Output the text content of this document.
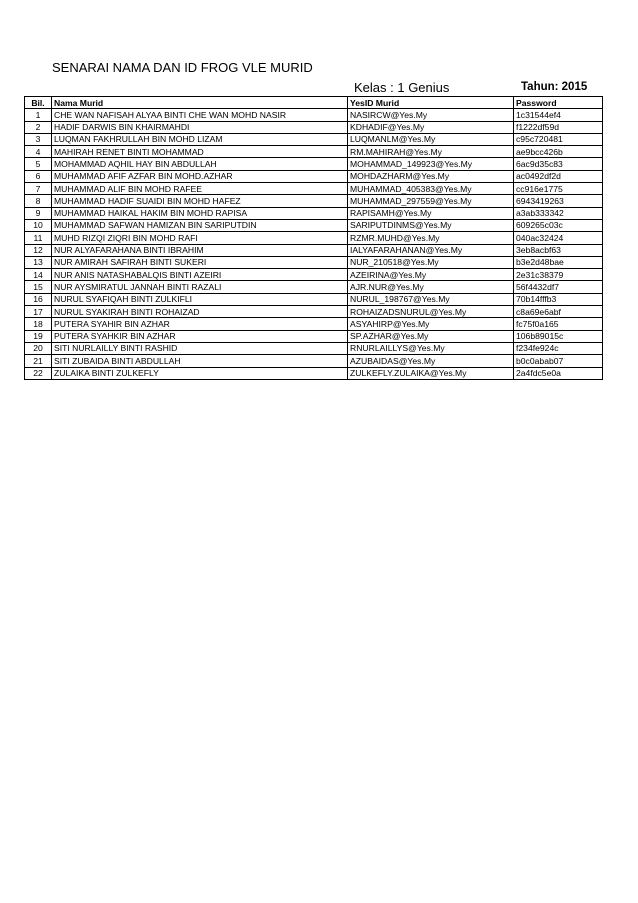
SENARAI NAMA DAN ID FROG VLE MURID
Kelas : 1 Genius	Tahun: 2015
Bil.	Nama Murid	YesID Murid	Password
1	CHE WAN NAFISAH ALYAA BINTI CHE WAN MOHD NASIR	NASIRCW@Yes.My	1c31544ef4
2	HADIF DARWIS BIN KHAIRMAHDI	KDHADIF@Yes.My	f1222df59d
3	LUQMAN FAKHRULLAH BIN MOHD LIZAM	LUQMANLM@Yes.My	c95c720481
4	MAHIRAH RENET BINTI MOHAMMAD	RM.MAHIRAH@Yes.My	ae9bcc426b
5	MOHAMMAD AQHIL HAY BIN ABDULLAH	MOHAMMAD_149923@Yes.My	6ac9d35c83
6	MUHAMMAD AFIF AZFAR BIN MOHD.AZHAR	MOHDAZHARM@Yes.My	ac0492df2d
7	MUHAMMAD ALIF BIN MOHD RAFEE	MUHAMMAD_405383@Yes.My	cc916e1775
8	MUHAMMAD HADIF SUAIDI BIN MOHD HAFEZ	MUHAMMAD_297559@Yes.My	6943419263
9	MUHAMMAD HAIKAL HAKIM BIN MOHD RAPISA	RAPISAMH@Yes.My	a3ab333342
10	MUHAMMAD SAFWAN HAMIZAN BIN SARIPUTDIN	SARIPUTDINMS@Yes.My	609265c03c
11	MUHD RIZQI ZIQRI BIN MOHD RAFI	RZMR.MUHD@Yes.My	040ac32424
12	NUR ALYAFARAHANA BINTI IBRAHIM	IALYAFARAHANAN@Yes.My	3eb8acbf63
13	NUR AMIRAH SAFIRAH BINTI SUKERI	NUR_210518@Yes.My	b3e2d48bae
14	NUR ANIS NATASHABALQIS BINTI AZEIRI	AZEIRINA@Yes.My	2e31c38379
15	NUR AYSMIRATUL JANNAH BINTI RAZALI	AJR.NUR@Yes.My	56f4432df7
16	NURUL SYAFIQAH BINTI ZULKIFLI	NURUL_198767@Yes.My	70b14fffb3
17	NURUL SYAKIRAH BINTI ROHAIZAD	ROHAIZADSNURUL@Yes.My	c8a69e6abf
18	PUTERA SYAHIR BIN AZHAR	ASYAHIRP@Yes.My	fc75f0a165
19	PUTERA SYAHKIR BIN AZHAR	SP.AZHAR@Yes.My	106b89015c
20	SITI NURLAILLY BINTI RASHID	RNURLAILLYS@Yes.My	f234fe924c
21	SITI ZUBAIDA BINTI ABDULLAH	AZUBAIDAS@Yes.My	b0c0abab07
22	ZULAIKA BINTI ZULKEFLY	ZULKEFLY.ZULAIKA@Yes.My	2a4fdc5e0a
